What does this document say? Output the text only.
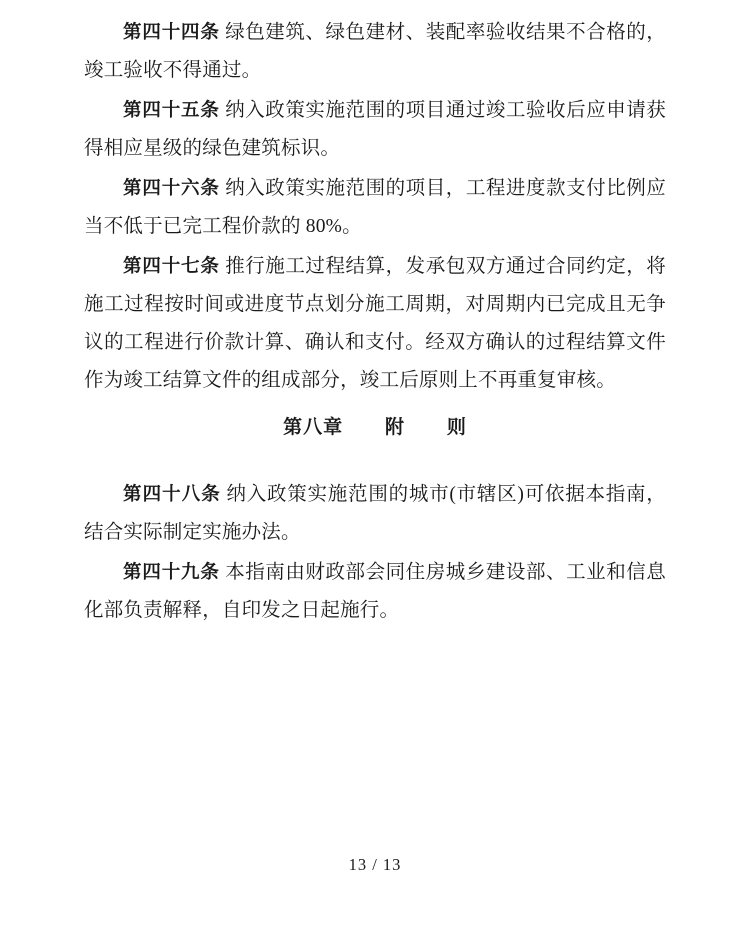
第四十四条 绿色建筑、绿色建材、装配率验收结果不合格的，竣工验收不得通过。

第四十五条 纳入政策实施范围的项目通过竣工验收后应申请获得相应星级的绿色建筑标识。

第四十六条 纳入政策实施范围的项目，工程进度款支付比例应当不低于已完工程价款的 80%。

第四十七条 推行施工过程结算，发承包双方通过合同约定，将施工过程按时间或进度节点划分施工周期，对周期内已完成且无争议的工程进行价款计算、确认和支付。经双方确认的过程结算文件作为竣工结算文件的组成部分，竣工后原则上不再重复审核。

第八章 附 则

第四十八条 纳入政策实施范围的城市(市辖区)可依据本指南，结合实际制定实施办法。

第四十九条 本指南由财政部会同住房城乡建设部、工业和信息化部负责解释，自印发之日起施行。

13 / 13
